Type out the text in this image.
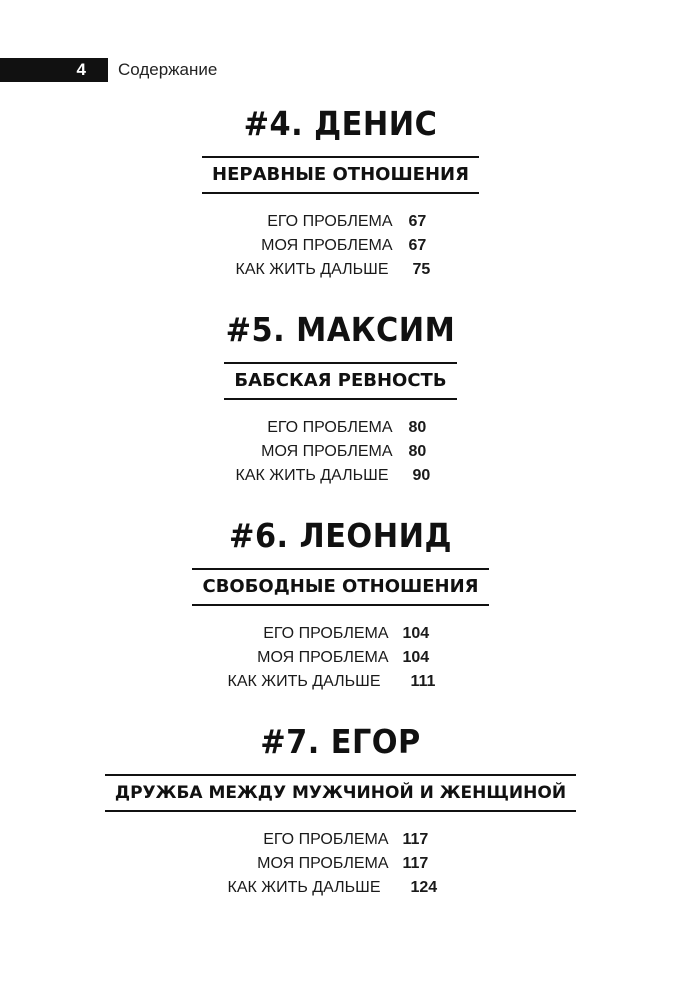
4 Содержание
#4. ДЕНИС
НЕРАВНЫЕ ОТНОШЕНИЯ
ЕГО ПРОБЛЕМА	67
МОЯ ПРОБЛЕМА	67
КАК ЖИТЬ ДАЛЬШЕ	75
#5. МАКСИМ
БАБСКАЯ РЕВНОСТЬ
ЕГО ПРОБЛЕМА	80
МОЯ ПРОБЛЕМА	80
КАК ЖИТЬ ДАЛЬШЕ	90
#6. ЛЕОНИД
СВОБОДНЫЕ ОТНОШЕНИЯ
ЕГО ПРОБЛЕМА 104
МОЯ ПРОБЛЕМА 104
КАК ЖИТЬ ДАЛЬШЕ	111
#7. ЕГОР
ДРУЖБА МЕЖДУ МУЖЧИНОЙ И ЖЕНЩИНОЙ
ЕГО ПРОБЛЕМА 117
МОЯ ПРОБЛЕМА 117
КАК ЖИТЬ ДАЛЬШЕ	124
